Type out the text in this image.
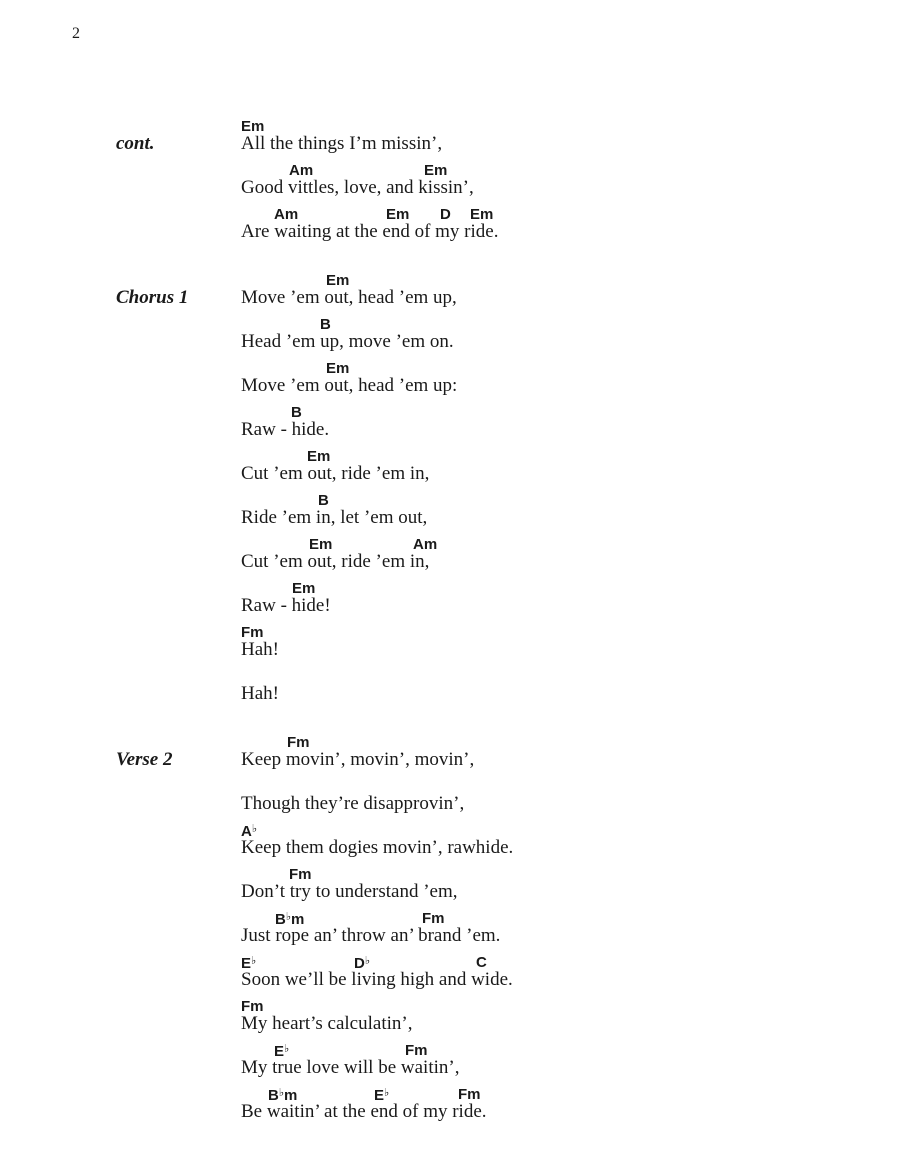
2
cont.
Chorus 1
Verse 2
Em
All the things I’m missin’,
Am	Em
Good vittles, love, and kissin’,
Am	Em D Em
Are waiting at the end of my ride.
Em
Move ’em out, head ’em up,
B
Head ’em up, move ’em on.
Em
Move ’em out, head ’em up:
B
Raw - hide.
Em
Cut ’em out, ride ’em in,
B
Ride ’em in, let ’em out,
Em	Am
Cut ’em out, ride ’em in,
Em
Raw - hide!
Fm
Hah!
Hah!
Fm
Keep movin’, movin’, movin’,
Though they’re disapprovin’,
A♭
Keep them dogies movin’, rawhide.
Fm
Don’t try to understand ’em,
B♭m	Fm
Just rope an’ throw an’ brand ’em.
E♭	D♭	C
Soon we’ll be living high and wide.
Fm
My heart’s calculatin’,
E♭	Fm
My true love will be waitin’,
B♭m	E♭	Fm
Be waitin’ at the end of my ride.
